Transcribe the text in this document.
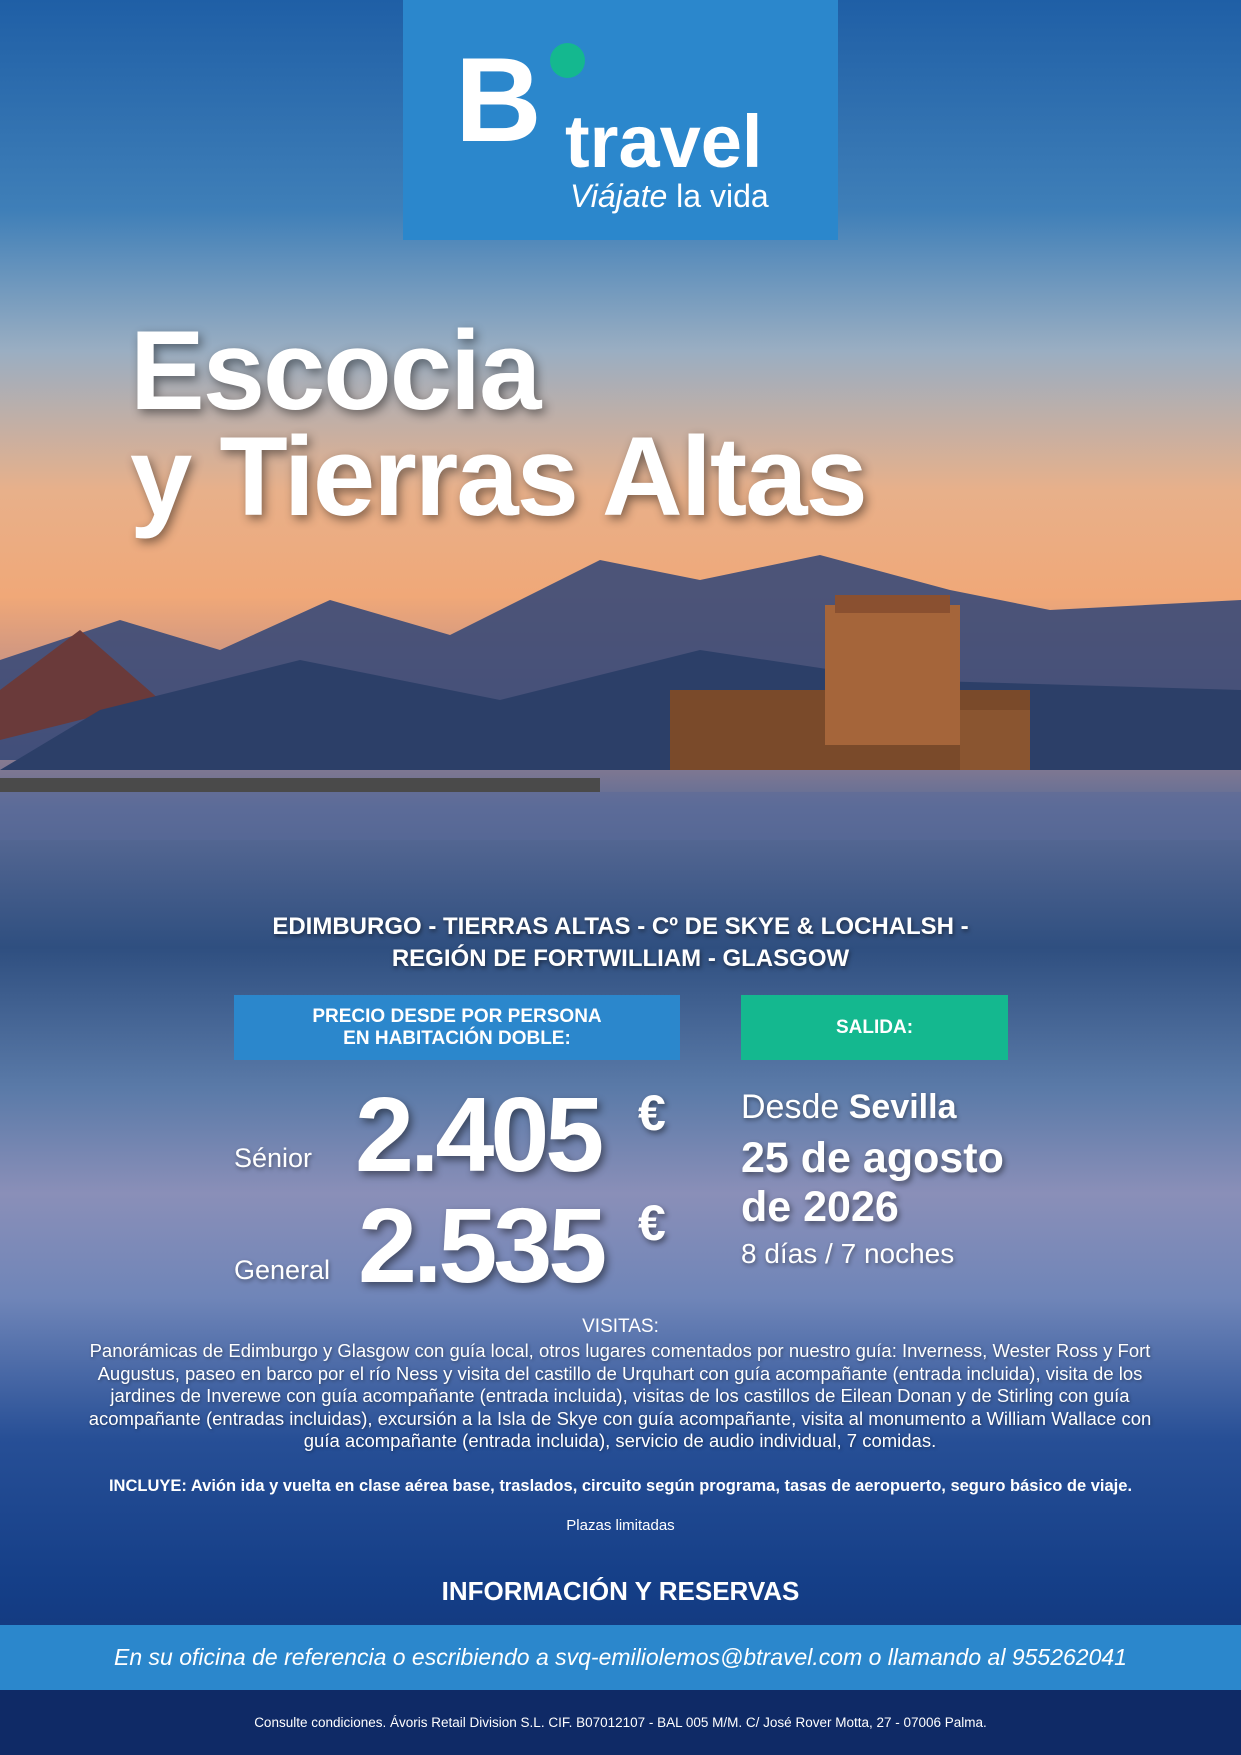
B travel
Viájate la vida
Escocia
y Tierras Altas
EDIMBURGO - TIERRAS ALTAS - Cº DE SKYE & LOCHALSH -
REGIÓN DE FORTWILLIAM - GLASGOW
PRECIO DESDE POR PERSONA
EN HABITACIÓN DOBLE:
SALIDA:
Sénior 2.405 €
General 2.535 €
Desde Sevilla
25 de agosto
de 2026
8 días / 7 noches
VISITAS:
Panorámicas de Edimburgo y Glasgow con guía local, otros lugares comentados por nuestro guía: Inverness, Wester Ross y Fort Augustus, paseo en barco por el río Ness y visita del castillo de Urquhart con guía acompañante (entrada incluida), visita de los jardines de Inverewe con guía acompañante (entrada incluida), visitas de los castillos de Eilean Donan y de Stirling con guía acompañante (entradas incluidas), excursión a la Isla de Skye con guía acompañante, visita al monumento a William Wallace con guía acompañante (entrada incluida), servicio de audio individual, 7 comidas.
INCLUYE: Avión ida y vuelta en clase aérea base, traslados, circuito según programa, tasas de aeropuerto, seguro básico de viaje.
Plazas limitadas
INFORMACIÓN Y RESERVAS
En su oficina de referencia o escribiendo a svq-emiliolemos@btravel.com o llamando al 955262041
Consulte condiciones. Ávoris Retail Division S.L. CIF. B07012107 - BAL 005 M/M. C/ José Rover Motta, 27 - 07006 Palma.
